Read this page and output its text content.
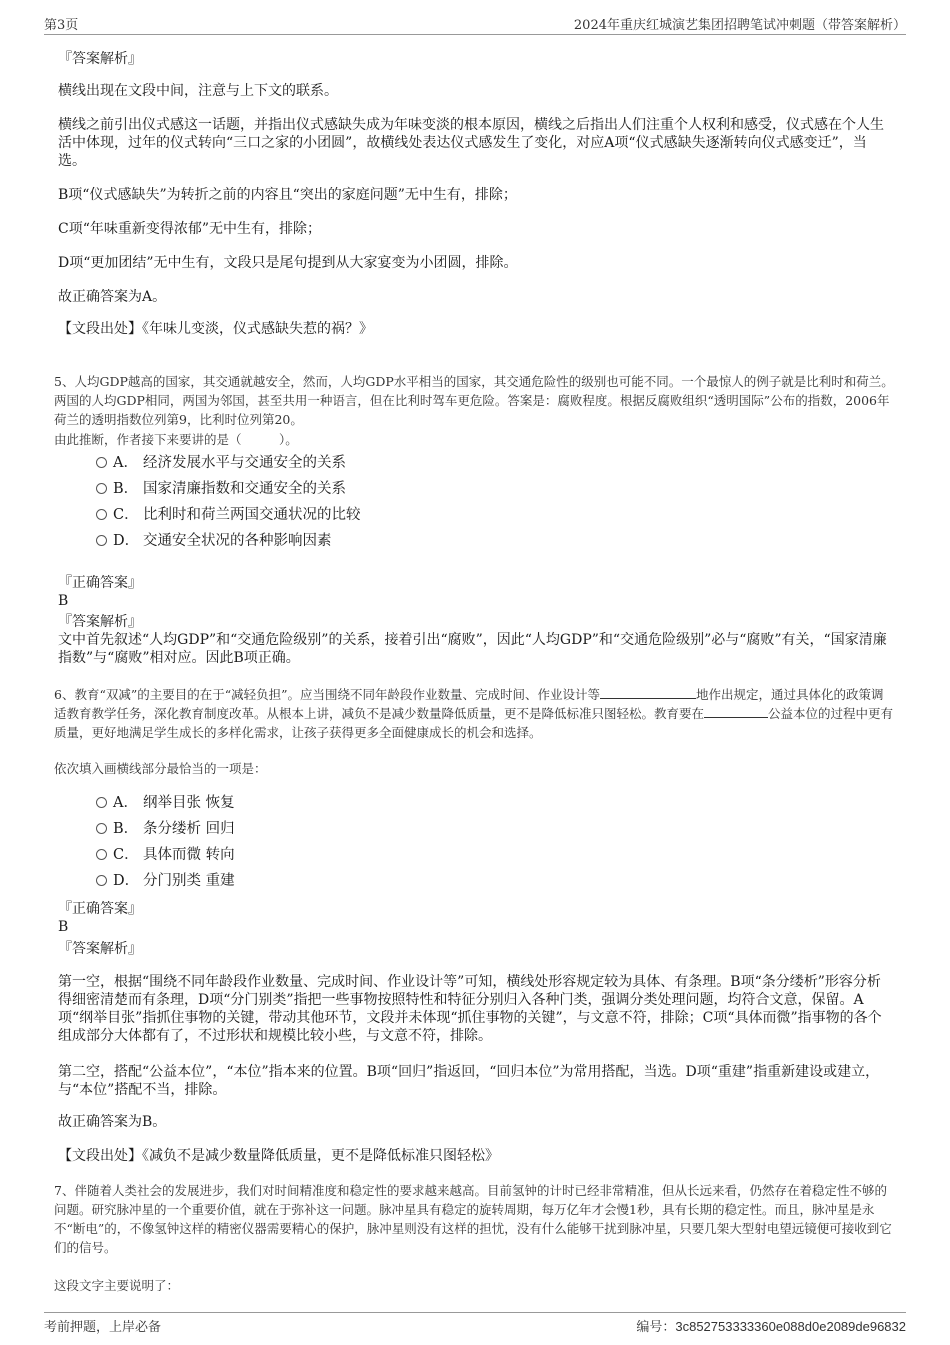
第3页	2024年重庆红城演艺集团招聘笔试冲刺题（带答案解析）
『答案解析』
横线出现在文段中间，注意与上下文的联系。
横线之前引出仪式感这一话题，并指出仪式感缺失成为年味变淡的根本原因，横线之后指出人们注重个人权利和感受，仪式感在个人生活中体现，过年的仪式转向“三口之家的小团圆”，故横线处表达仪式感发生了变化，对应A项“仪式感缺失逐渐转向仪式感变迁”，当选。
B项“仪式感缺失”为转折之前的内容且“突出的家庭问题”无中生有，排除；
C项“年味重新变得浓郁”无中生有，排除；
D项“更加团结”无中生有，文段只是尾句提到从大家宴变为小团圆，排除。
故正确答案为A。
【文段出处】《年味儿变淡，仪式感缺失惹的祸？》
5、人均GDP越高的国家，其交通就越安全，然而，人均GDP水平相当的国家，其交通危险性的级别也可能不同。一个最惊人的例子就是比利时和荷兰。两国的人均GDP相同，两国为邻国，甚至共用一种语言，但在比利时驾车更危险。答案是：腐败程度。根据反腐败组织“透明国际”公布的指数，2006年荷兰的透明指数位列第9，比利时位列第20。
由此推断，作者接下来要讲的是（　　　）。
A． 经济发展水平与交通安全的关系
B． 国家清廉指数和交通安全的关系
C． 比利时和荷兰两国交通状况的比较
D． 交通安全状况的各种影响因素
『正确答案』
B
『答案解析』
文中首先叙述“人均GDP”和“交通危险级别”的关系，接着引出“腐败”，因此“人均GDP”和“交通危险级别”必与“腐败”有关，“国家清廉指数”与“腐败”相对应。因此B项正确。
6、教育“双减”的主要目的在于“减轻负担”。应当围绕不同年龄段作业数量、完成时间、作业设计等	地作出规定，通过具体化的政策调适教育教学任务，深化教育制度改革。从根本上讲，减负不是减少数量降低质量，更不是降低标准只图轻松。教育要在	公益本位的过程中更有质量，更好地满足学生成长的多样化需求，让孩子获得更多全面健康成长的机会和选择。
依次填入画横线部分最恰当的一项是：
A． 纲举目张 恢复
B． 条分缕析 回归
C． 具体而微 转向
D． 分门别类 重建
『正确答案』
B
『答案解析』
第一空，根据“围绕不同年龄段作业数量、完成时间、作业设计等”可知，横线处形容规定较为具体、有条理。B项“条分缕析”形容分析得细密清楚而有条理，D项“分门别类”指把一些事物按照特性和特征分别归入各种门类，强调分类处理问题，均符合文意，保留。A项“纲举目张”指抓住事物的关键，带动其他环节，文段并未体现“抓住事物的关键”，与文意不符，排除；C项“具体而微”指事物的各个组成部分大体都有了，不过形状和规模比较小些，与文意不符，排除。
第二空，搭配“公益本位”，“本位”指本来的位置。B项“回归”指返回，“回归本位”为常用搭配，当选。D项“重建”指重新建设或建立，与“本位”搭配不当，排除。
故正确答案为B。
【文段出处】《减负不是减少数量降低质量，更不是降低标准只图轻松》
7、伴随着人类社会的发展进步，我们对时间精准度和稳定性的要求越来越高。目前氢钟的计时已经非常精准，但从长远来看，仍然存在着稳定性不够的问题。研究脉冲星的一个重要价值，就在于弥补这一问题。脉冲星具有稳定的旋转周期，每万亿年才会慢1秒，具有长期的稳定性。而且，脉冲星是永不“断电”的，不像氢钟这样的精密仪器需要精心的保护，脉冲星则没有这样的担忧，没有什么能够干扰到脉冲星，只要几架大型射电望远镜便可接收到它们的信号。
这段文字主要说明了：
考前押题，上岸必备	编号：3c852753333360e088d0e2089de96832
